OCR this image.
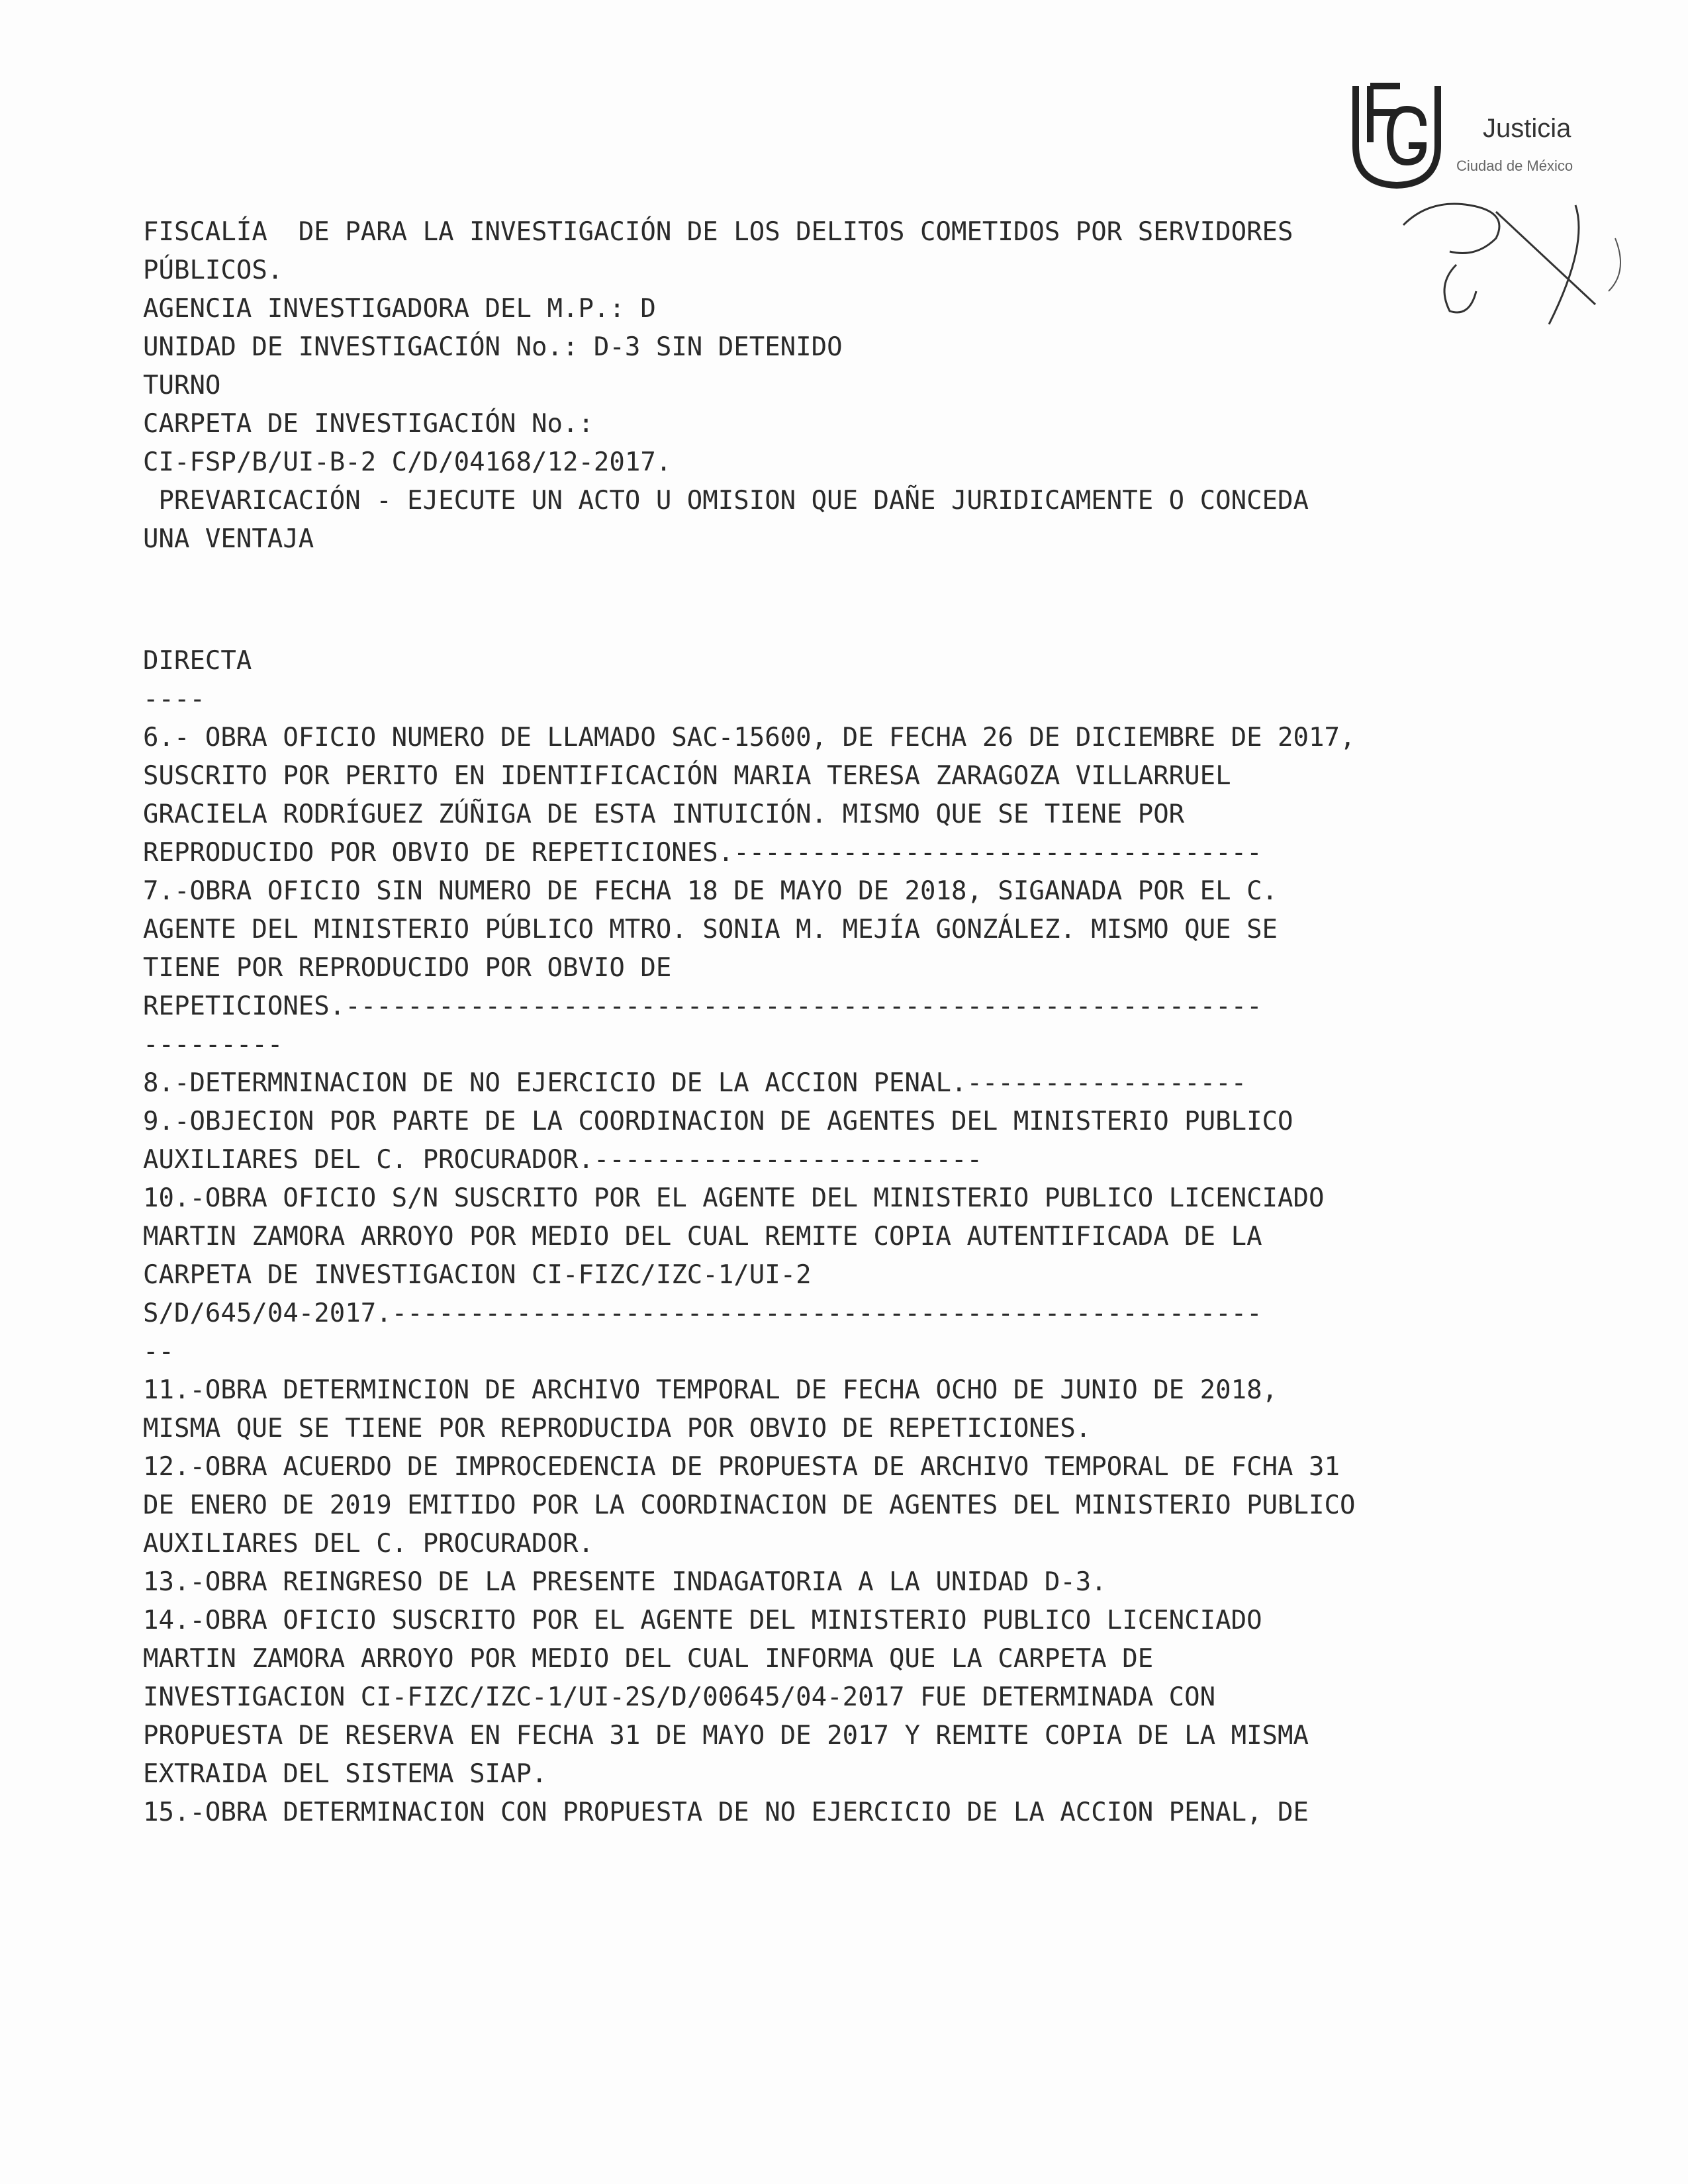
Justicia
Ciudad de México
FISCALÍA  DE PARA LA INVESTIGACIÓN DE LOS DELITOS COMETIDOS POR SERVIDORES
PÚBLICOS.
AGENCIA INVESTIGADORA DEL M.P.: D
UNIDAD DE INVESTIGACIÓN No.: D-3 SIN DETENIDO
TURNO
CARPETA DE INVESTIGACIÓN No.:
CI-FSP/B/UI-B-2 C/D/04168/12-2017.
PREVARICACIÓN - EJECUTE UN ACTO U OMISION QUE DAÑE JURIDICAMENTE O CONCEDA
UNA VENTAJA
DIRECTA
----
6.- OBRA OFICIO NUMERO DE LLAMADO SAC-15600, DE FECHA 26 DE DICIEMBRE DE 2017,
SUSCRITO POR PERITO EN IDENTIFICACIÓN MARIA TERESA ZARAGOZA VILLARRUEL
GRACIELA RODRÍGUEZ ZÚÑIGA DE ESTA INTUICIÓN. MISMO QUE SE TIENE POR
REPRODUCIDO POR OBVIO DE REPETICIONES.----------------------------------
7.-OBRA OFICIO SIN NUMERO DE FECHA 18 DE MAYO DE 2018, SIGANADA POR EL C.
AGENTE DEL MINISTERIO PÚBLICO MTRO. SONIA M. MEJÍA GONZÁLEZ. MISMO QUE SE
TIENE POR REPRODUCIDO POR OBVIO DE
REPETICIONES.-----------------------------------------------------------
---------
8.-DETERMNINACION DE NO EJERCICIO DE LA ACCION PENAL.------------------
9.-OBJECION POR PARTE DE LA COORDINACION DE AGENTES DEL MINISTERIO PUBLICO
AUXILIARES DEL C. PROCURADOR.-------------------------
10.-OBRA OFICIO S/N SUSCRITO POR EL AGENTE DEL MINISTERIO PUBLICO LICENCIADO
MARTIN ZAMORA ARROYO POR MEDIO DEL CUAL REMITE COPIA AUTENTIFICADA DE LA
CARPETA DE INVESTIGACION CI-FIZC/IZC-1/UI-2
S/D/645/04-2017.--------------------------------------------------------
--
11.-OBRA DETERMINCION DE ARCHIVO TEMPORAL DE FECHA OCHO DE JUNIO DE 2018,
MISMA QUE SE TIENE POR REPRODUCIDA POR OBVIO DE REPETICIONES.
12.-OBRA ACUERDO DE IMPROCEDENCIA DE PROPUESTA DE ARCHIVO TEMPORAL DE FCHA 31
DE ENERO DE 2019 EMITIDO POR LA COORDINACION DE AGENTES DEL MINISTERIO PUBLICO
AUXILIARES DEL C. PROCURADOR.
13.-OBRA REINGRESO DE LA PRESENTE INDAGATORIA A LA UNIDAD D-3.
14.-OBRA OFICIO SUSCRITO POR EL AGENTE DEL MINISTERIO PUBLICO LICENCIADO
MARTIN ZAMORA ARROYO POR MEDIO DEL CUAL INFORMA QUE LA CARPETA DE
INVESTIGACION CI-FIZC/IZC-1/UI-2S/D/00645/04-2017 FUE DETERMINADA CON
PROPUESTA DE RESERVA EN FECHA 31 DE MAYO DE 2017 Y REMITE COPIA DE LA MISMA
EXTRAIDA DEL SISTEMA SIAP.
15.-OBRA DETERMINACION CON PROPUESTA DE NO EJERCICIO DE LA ACCION PENAL, DE
